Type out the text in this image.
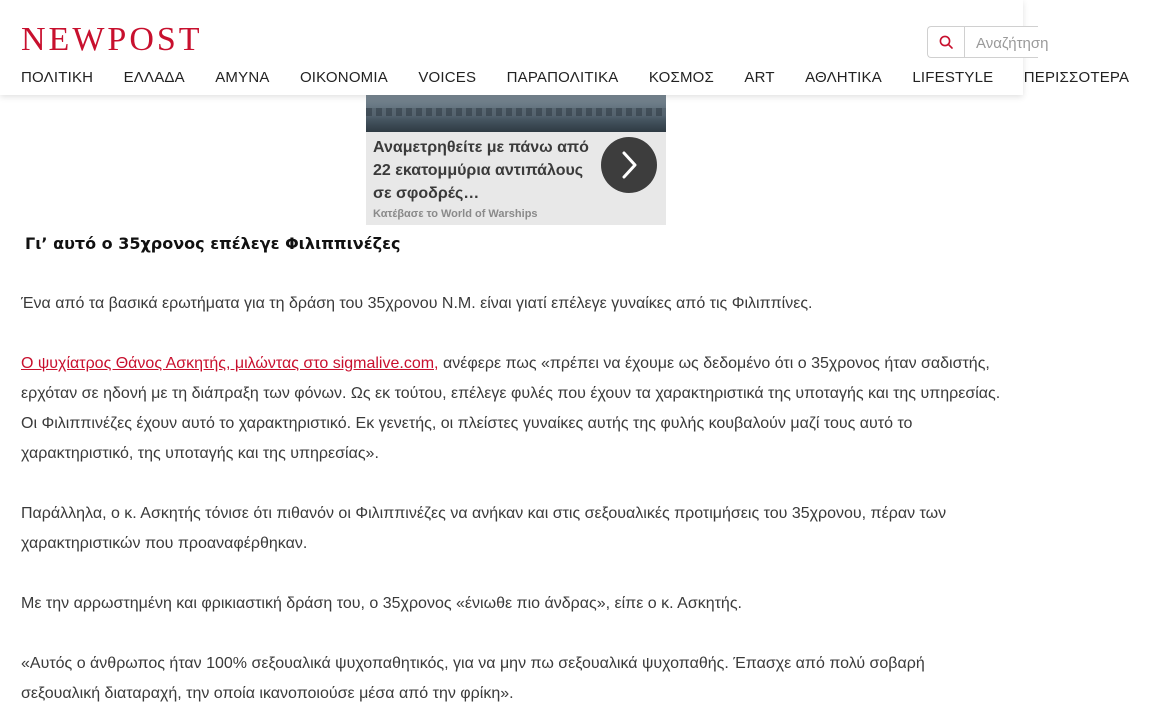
NEWPOST
Αναζήτηση
ΠΟΛΙΤΙΚΗ ΕΛΛΑΔΑ ΑΜΥΝΑ ΟΙΚΟΝΟΜΙΑ VOICES ΠΑΡΑΠΟΛΙΤΙΚΑ ΚΟΣΜΟΣ ART ΑΘΛΗΤΙΚΑ LIFESTYLE ΠΕΡΙΣΣΟΤΕΡΑ
Αναμετρηθείτε με πάνω από 22 εκατομμύρια αντιπάλους σε σφοδρές…
Κατέβασε το World of Warships
Γι’ αυτό ο 35χρονος επέλεγε Φιλιππινέζες

Ένα από τα βασικά ερωτήματα για τη δράση του 35χρονου Ν.Μ. είναι γιατί επέλεγε γυναίκες από τις Φιλιππίνες.

Ο ψυχίατρος Θάνος Ασκητής, μιλώντας στο sigmalive.com, ανέφερε πως «πρέπει να έχουμε ως δεδομένο ότι ο 35χρονος ήταν σαδιστής, ερχόταν σε ηδονή με τη διάπραξη των φόνων. Ως εκ τούτου, επέλεγε φυλές που έχουν τα χαρακτηριστικά της υποταγής και της υπηρεσίας. Οι Φιλιππινέζες έχουν αυτό το χαρακτηριστικό. Εκ γενετής, οι πλείστες γυναίκες αυτής της φυλής κουβαλούν μαζί τους αυτό το χαρακτηριστικό, της υποταγής και της υπηρεσίας».

Παράλληλα, ο κ. Ασκητής τόνισε ότι πιθανόν οι Φιλιππινέζες να ανήκαν και στις σεξουαλικές προτιμήσεις του 35χρονου, πέραν των χαρακτηριστικών που προαναφέρθηκαν.

Με την αρρωστημένη και φρικιαστική δράση του, ο 35χρονος «ένιωθε πιο άνδρας», είπε ο κ. Ασκητής.

«Αυτός ο άνθρωπος ήταν 100% σεξουαλικά ψυχοπαθητικός, για να μην πω σεξουαλικά ψυχοπαθής. Έπασχε από πολύ σοβαρή σεξουαλική διαταραχή, την οποία ικανοποιούσε μέσα από την φρίκη».
